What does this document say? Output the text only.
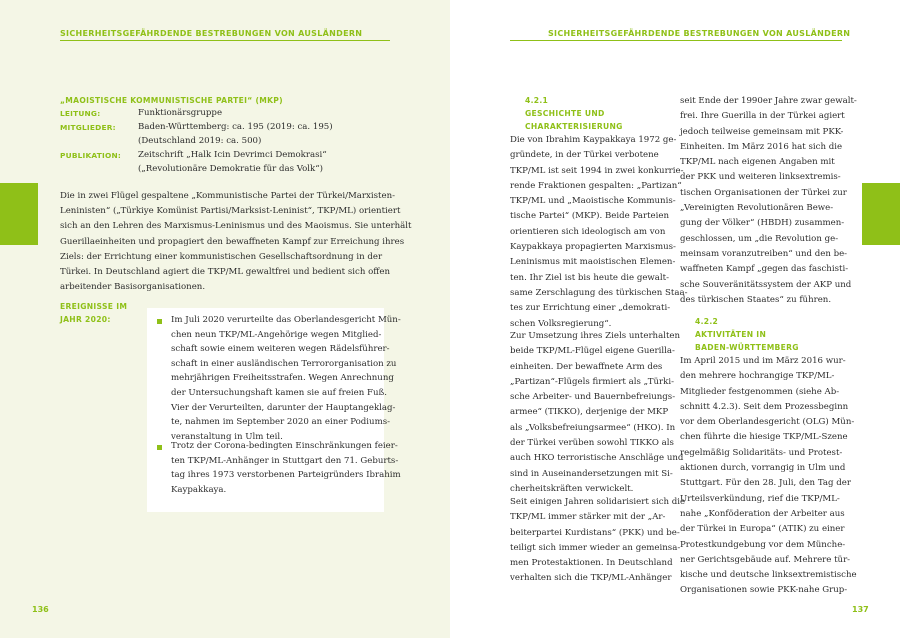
SICHERHEITSGEFÄHRDENDE BESTREBUNGEN VON AUSLÄNDERN
„MAOISTISCHE KOMMUNISTISCHE PARTEI“ (MKP)
LEITUNG:	Funktionärsgruppe
MITGLIEDER:	Baden-Württemberg: ca. 195 (2019: ca. 195)
(Deutschland 2019: ca. 500)
PUBLIKATION: Zeitschrift „Halk Icin Devrimci Demokrasi“
(„Revolutionäre Demokratie für das Volk“)
Die in zwei Flügel gespaltene „Kommunistische Partei der Türkei/Marxisten-
Leninisten“ („Türkiye Komünist Partisi/Marksist-Leninist“, TKP/ML) orientiert
sich an den Lehren des Marxismus-Leninismus und des Maoismus. Sie unterhält
Guerillaeinheiten und propagiert den bewaffneten Kampf zur Erreichung ihres
Ziels: der Errichtung einer kommunistischen Gesellschaftsordnung in der
Türkei. In Deutschland agiert die TKP/ML gewaltfrei und bedient sich offen
arbeitender Basisorganisationen.
EREIGNISSE IM
JAHR 2020:	Im Juli 2020 verurteilte das Oberlandesgericht Mün-
chen neun TKP/ML-Angehörige wegen Mitglied-
schaft sowie einem weiteren wegen Rädelsführer-
schaft in einer ausländischen Terrororganisation zu
mehrjährigen Freiheitsstrafen. Wegen Anrechnung
der Untersuchungshaft kamen sie auf freien Fuß.
Vier der Verurteilten, darunter der Hauptangeklag-
te, nahmen im September 2020 an einer Podiums-
veranstaltung in Ulm teil.
Trotz der Corona-bedingten Einschränkungen feier-
ten TKP/ML-Anhänger in Stuttgart den 71. Geburts-
tag ihres 1973 verstorbenen Parteigründers Ibrahim
Kaypakkaya.
136
SICHERHEITSGEFÄHRDENDE BESTREBUNGEN VON AUSLÄNDERN
4.2.1
GESCHICHTE UND
CHARAKTERISIERUNG
Die von Ibrahim Kaypakkaya 1972 ge-
gründete, in der Türkei verbotene
TKP/ML ist seit 1994 in zwei konkurrie-
rende Fraktionen gespalten: „Partizan“
TKP/ML und „Maoistische Kommunis-
tische Partei“ (MKP). Beide Parteien
orientieren sich ideologisch am von
Kaypakkaya propagierten Marxismus-
Leninismus mit maoistischen Elemen-
ten. Ihr Ziel ist bis heute die gewalt-
same Zerschlagung des türkischen Staa-
tes zur Errichtung einer „demokrati-
schen Volksregierung“.
Zur Umsetzung ihres Ziels unterhalten
beide TKP/ML-Flügel eigene Guerilla-
einheiten. Der bewaffnete Arm des
„Partizan“-Flügels firmiert als „Türki-
sche Arbeiter- und Bauernbefreiungs-
armee“ (TIKKO), derjenige der MKP
als „Volksbefreiungsarmee“ (HKO). In
der Türkei verüben sowohl TIKKO als
auch HKO terroristische Anschläge und
sind in Auseinandersetzungen mit Si-
cherheitskräften verwickelt.
Seit einigen Jahren solidarisiert sich die
TKP/ML immer stärker mit der „Ar-
beiterpartei Kurdistans“ (PKK) und be-
teiligt sich immer wieder an gemeinsa-
men Protestaktionen. In Deutschland
verhalten sich die TKP/ML-Anhänger
seit Ende der 1990er Jahre zwar gewalt-
frei. Ihre Guerilla in der Türkei agiert
jedoch teilweise gemeinsam mit PKK-
Einheiten. Im März 2016 hat sich die
TKP/ML nach eigenen Angaben mit
der PKK und weiteren linksextremis-
tischen Organisationen der Türkei zur
„Vereinigten Revolutionären Bewe-
gung der Völker“ (HBDH) zusammen-
geschlossen, um „die Revolution ge-
meinsam voranzutreiben“ und den be-
waffneten Kampf „gegen das faschisti-
sche Souveränitätssystem der AKP und
des türkischen Staates“ zu führen.
4.2.2
AKTIVITÄTEN IN
BADEN-WÜRTTEMBERG
Im April 2015 und im März 2016 wur-
den mehrere hochrangige TKP/ML-
Mitglieder festgenommen (siehe Ab-
schnitt 4.2.3). Seit dem Prozessbeginn
vor dem Oberlandesgericht (OLG) Mün-
chen führte die hiesige TKP/ML-Szene
regelmäßig Solidaritäts- und Protest-
aktionen durch, vorrangig in Ulm und
Stuttgart. Für den 28. Juli, den Tag der
Urteilsverkündung, rief die TKP/ML-
nahe „Konföderation der Arbeiter aus
der Türkei in Europa“ (ATIK) zu einer
Protestkundgebung vor dem Münche-
ner Gerichtsgebäude auf. Mehrere tür-
kische und deutsche linksextremistische
Organisationen sowie PKK-nahe Grup-
137
